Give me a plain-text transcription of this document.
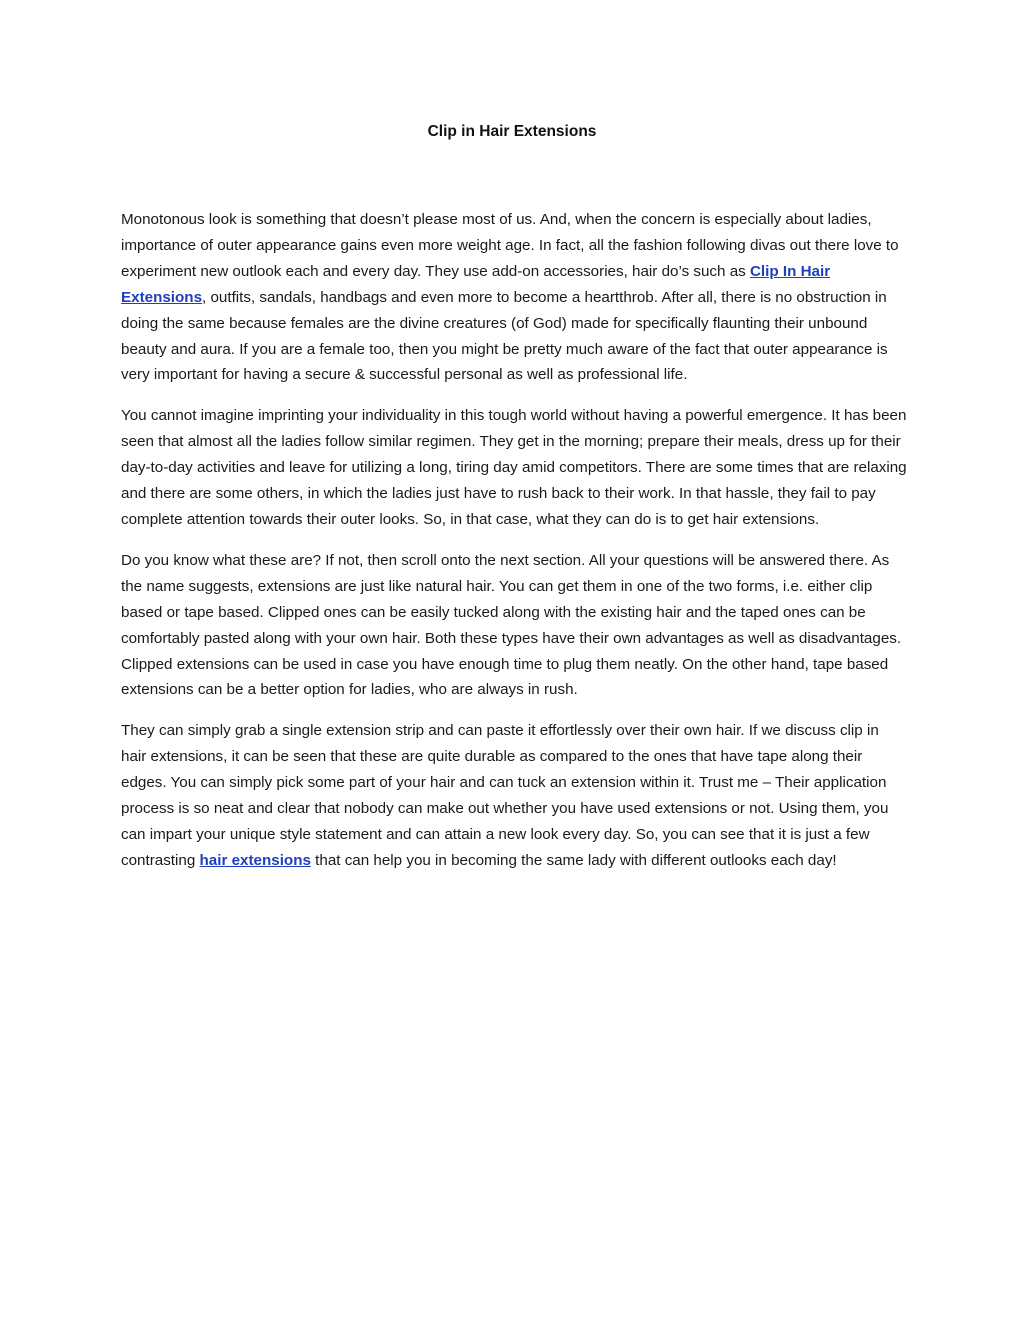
Clip in Hair Extensions

Monotonous look is something that doesn’t please most of us. And, when the concern is especially about ladies, importance of outer appearance gains even more weight age. In fact, all the fashion following divas out there love to experiment new outlook each and every day. They use add-on accessories, hair do’s such as Clip In Hair Extensions, outfits, sandals, handbags and even more to become a heartthrob. After all, there is no obstruction in doing the same because females are the divine creatures (of God) made for specifically flaunting their unbound beauty and aura. If you are a female too, then you might be pretty much aware of the fact that outer appearance is very important for having a secure & successful personal as well as professional life.

You cannot imagine imprinting your individuality in this tough world without having a powerful emergence. It has been seen that almost all the ladies follow similar regimen. They get in the morning; prepare their meals, dress up for their day-to-day activities and leave for utilizing a long, tiring day amid competitors. There are some times that are relaxing and there are some others, in which the ladies just have to rush back to their work. In that hassle, they fail to pay complete attention towards their outer looks. So, in that case, what they can do is to get hair extensions.

Do you know what these are? If not, then scroll onto the next section. All your questions will be answered there. As the name suggests, extensions are just like natural hair. You can get them in one of the two forms, i.e. either clip based or tape based. Clipped ones can be easily tucked along with the existing hair and the taped ones can be comfortably pasted along with your own hair. Both these types have their own advantages as well as disadvantages. Clipped extensions can be used in case you have enough time to plug them neatly. On the other hand, tape based extensions can be a better option for ladies, who are always in rush.

They can simply grab a single extension strip and can paste it effortlessly over their own hair. If we discuss clip in hair extensions, it can be seen that these are quite durable as compared to the ones that have tape along their edges. You can simply pick some part of your hair and can tuck an extension within it. Trust me – Their application process is so neat and clear that nobody can make out whether you have used extensions or not. Using them, you can impart your unique style statement and can attain a new look every day. So, you can see that it is just a few contrasting hair extensions that can help you in becoming the same lady with different outlooks each day!
